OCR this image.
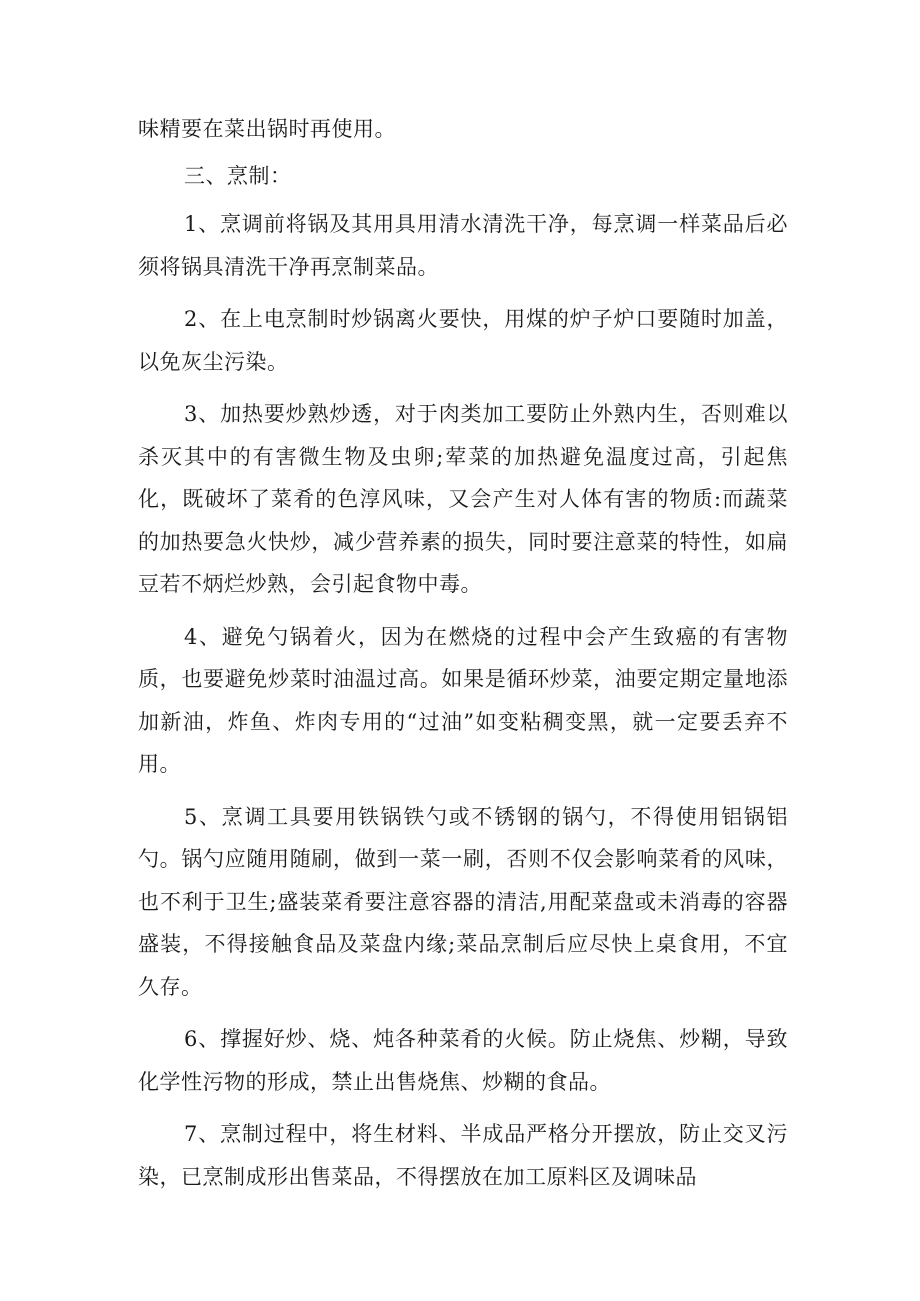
味精要在菜出锅时再使用。

三、烹制：

1、烹调前将锅及其用具用清水清洗干净，每烹调一样菜品后必须将锅具清洗干净再烹制菜品。

2、在上电烹制时炒锅离火要快，用煤的炉子炉口要随时加盖，以免灰尘污染。

3、加热要炒熟炒透，对于肉类加工要防止外熟内生，否则难以杀灭其中的有害微生物及虫卵;荤菜的加热避免温度过高，引起焦化，既破坏了菜肴的色淳风味，又会产生对人体有害的物质:而蔬菜的加热要急火快炒，减少营养素的损失，同时要注意菜的特性，如扁豆若不炳烂炒熟，会引起食物中毒。

4、避免勺锅着火，因为在燃烧的过程中会产生致癌的有害物质，也要避免炒菜时油温过高。如果是循环炒菜，油要定期定量地添加新油，炸鱼、炸肉专用的“过油”如变粘稠变黑，就一定要丢弃不用。

5、烹调工具要用铁锅铁勺或不锈钢的锅勺，不得使用铝锅铝勺。锅勺应随用随刷，做到一菜一刷，否则不仅会影响菜肴的风味，也不利于卫生;盛装菜肴要注意容器的清洁,用配菜盘或未消毒的容器盛装，不得接触食品及菜盘内缘;菜品烹制后应尽快上桌食用，不宜久存。

6、撑握好炒、烧、炖各种菜肴的火候。防止烧焦、炒糊，导致化学性污物的形成，禁止出售烧焦、炒糊的食品。

7、烹制过程中，将生材料、半成品严格分开摆放，防止交叉污染，已烹制成形出售菜品，不得摆放在加工原料区及调味品
